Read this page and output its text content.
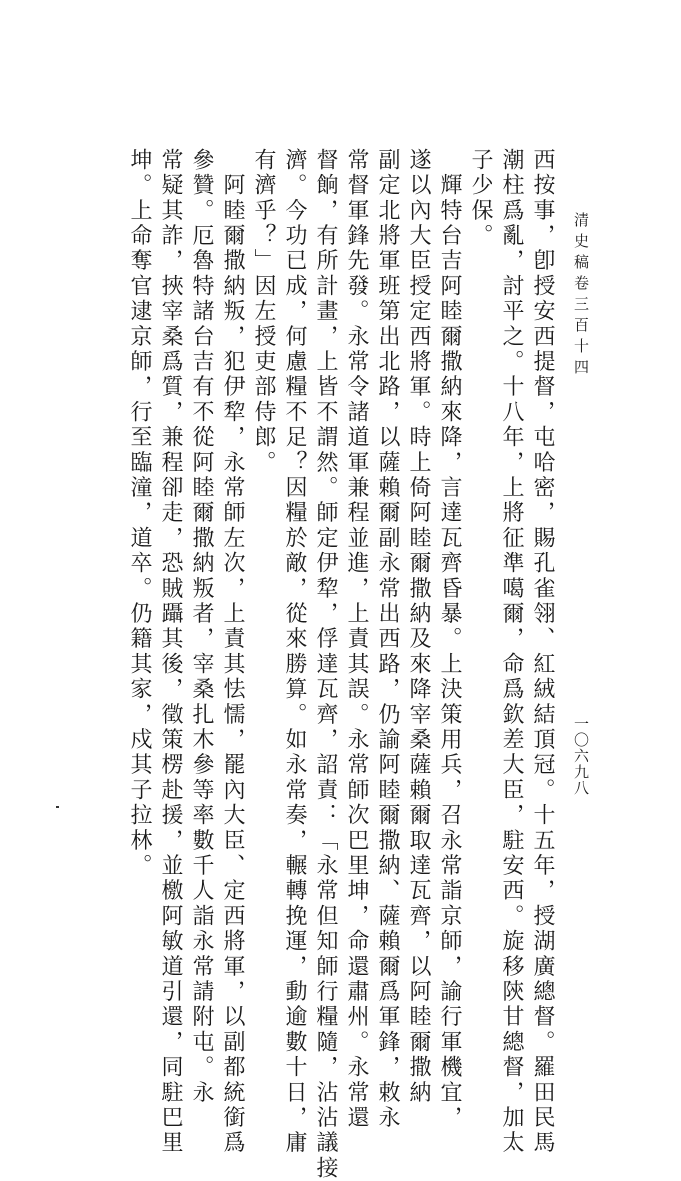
清史稿卷三百十四
一〇六九八
西按事，卽授安西提督，屯哈密，賜孔雀翎、紅絨結頂冠。十五年，授湖廣總督。羅田民馬
潮柱爲亂，討平之。十八年，上將征準噶爾，命爲欽差大臣，駐安西。旋移陝甘總督，加太
子少保。
　輝特台吉阿睦爾撒納來降，言達瓦齊昏暴。上決策用兵，召永常詣京師，諭行軍機宜，
遂以內大臣授定西將軍。時上倚阿睦爾撒納及來降宰桑薩賴爾取達瓦齊，以阿睦爾撒納
副定北將軍班第出北路，以薩賴爾副永常出西路，仍諭阿睦爾撒納、薩賴爾爲軍鋒，敕永
常督軍鋒先發。永常令諸道軍兼程並進，上責其誤。永常師次巴里坤，命還肅州。永常還
督餉，有所計畫，上皆不謂然。師定伊犂，俘達瓦齊，詔責：「永常但知師行糧隨，沾沾議接
濟。今功已成，何慮糧不足？因糧於敵，從來勝算。如永常奏，輾轉挽運，動逾數十日，庸
有濟乎？」因左授吏部侍郎。
　阿睦爾撒納叛，犯伊犂，永常師左次，上責其怯懦，罷內大臣、定西將軍，以副都統銜爲
參贊。厄魯特諸台吉有不從阿睦爾撒納叛者，宰桑扎木參等率數千人詣永常請附屯。永
常疑其詐，挾宰桑爲質，兼程卻走，恐賊躡其後，徵策楞赴援，並檄阿敏道引還，同駐巴里
坤。上命奪官逮京師，行至臨潼，道卒。仍籍其家，戍其子拉林。
